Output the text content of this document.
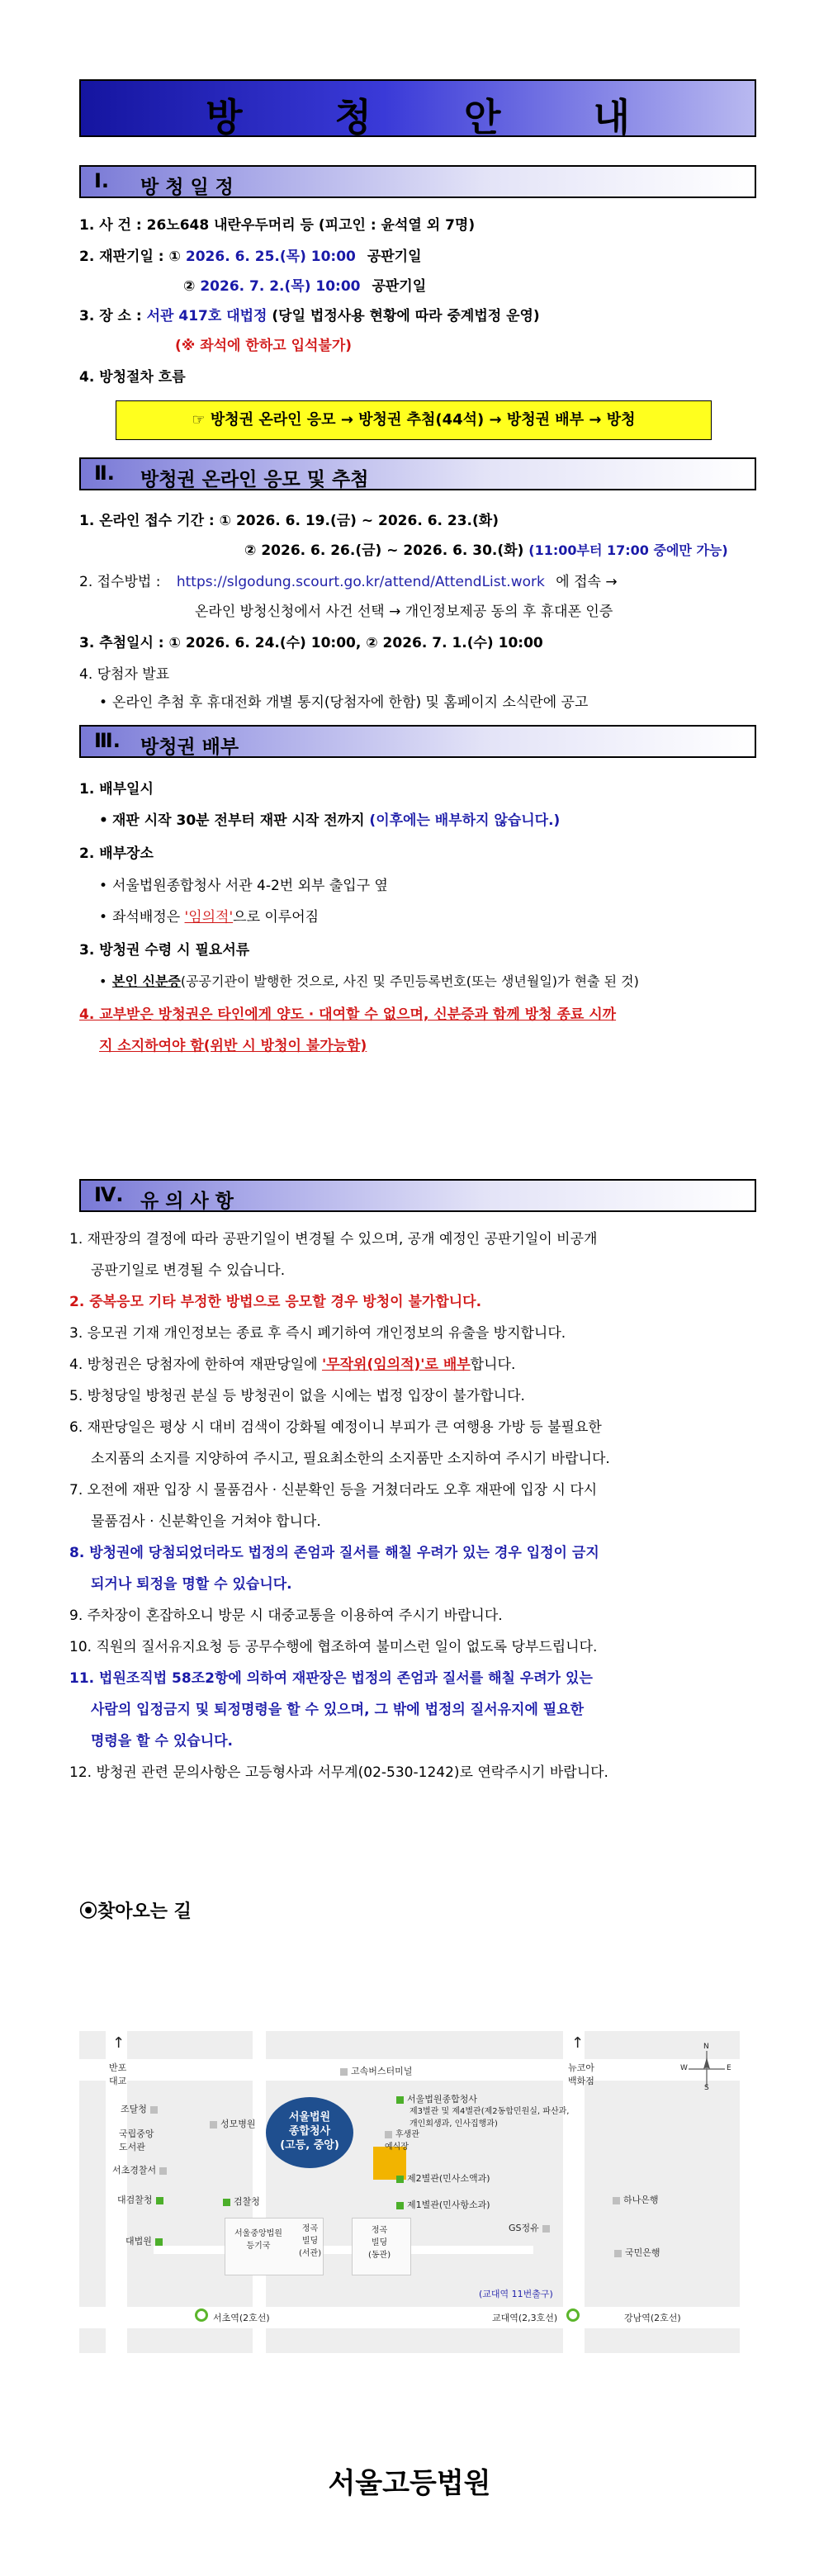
방 청 안 내
Ⅰ. 방 청 일 정
1. 사 건 : 26노648 내란우두머리 등 (피고인 : 윤석열 외 7명)
2. 재판기일 : ① 2026. 6. 25.(목) 10:00 공판기일
② 2026. 7. 2.(목) 10:00 공판기일
3. 장 소 : 서관 417호 대법정 (당일 법정사용 현황에 따라 중계법정 운영)
(※ 좌석에 한하고 입석불가)
4. 방청절차 흐름
☞ 방청권 온라인 응모 → 방청권 추첨(44석) → 방청권 배부 → 방청
Ⅱ. 방청권 온라인 응모 및 추첨
1. 온라인 접수 기간 : ① 2026. 6. 19.(금) ~ 2026. 6. 23.(화)
② 2026. 6. 26.(금) ~ 2026. 6. 30.(화) (11:00부터 17:00 중에만 가능)
2. 접수방법 : https://slgodung.scourt.go.kr/attend/AttendList.work 에 접속 →
온라인 방청신청에서 사건 선택 → 개인정보제공 동의 후 휴대폰 인증
3. 추첨일시 : ① 2026. 6. 24.(수) 10:00, ② 2026. 7. 1.(수) 10:00
4. 당첨자 발표
• 온라인 추첨 후 휴대전화 개별 통지(당첨자에 한함) 및 홈페이지 소식란에 공고
Ⅲ. 방청권 배부
1. 배부일시
• 재판 시작 30분 전부터 재판 시작 전까지 (이후에는 배부하지 않습니다.)
2. 배부장소
• 서울법원종합청사 서관 4-2번 외부 출입구 옆
• 좌석배정은 '임의적'으로 이루어짐
3. 방청권 수령 시 필요서류
• 본인 신분증(공공기관이 발행한 것으로, 사진 및 주민등록번호(또는 생년월일)가 현출 된 것)
4. 교부받은 방청권은 타인에게 양도 · 대여할 수 없으며, 신분증과 함께 방청 종료 시까
지 소지하여야 함(위반 시 방청이 불가능함)
Ⅳ. 유 의 사 항
1. 재판장의 결정에 따라 공판기일이 변경될 수 있으며, 공개 예정인 공판기일이 비공개
공판기일로 변경될 수 있습니다.
2. 중복응모 기타 부정한 방법으로 응모할 경우 방청이 불가합니다.
3. 응모권 기재 개인정보는 종료 후 즉시 폐기하여 개인정보의 유출을 방지합니다.
4. 방청권은 당첨자에 한하여 재판당일에 '무작위(임의적)'로 배부합니다.
5. 방청당일 방청권 분실 등 방청권이 없을 시에는 법정 입장이 불가합니다.
6. 재판당일은 평상 시 대비 검색이 강화될 예정이니 부피가 큰 여행용 가방 등 불필요한
소지품의 소지를 지양하여 주시고, 필요최소한의 소지품만 소지하여 주시기 바랍니다.
7. 오전에 재판 입장 시 물품검사 · 신분확인 등을 거쳤더라도 오후 재판에 입장 시 다시
물품검사 · 신분확인을 거쳐야 합니다.
8. 방청권에 당첨되었더라도 법정의 존엄과 질서를 해칠 우려가 있는 경우 입정이 금지
되거나 퇴정을 명할 수 있습니다.
9. 주차장이 혼잡하오니 방문 시 대중교통을 이용하여 주시기 바랍니다.
10. 직원의 질서유지요청 등 공무수행에 협조하여 불미스런 일이 없도록 당부드립니다.
11. 법원조직법 58조2항에 의하여 재판장은 법정의 존엄과 질서를 해칠 우려가 있는
사람의 입정금지 및 퇴정명령을 할 수 있으며, 그 밖에 법정의 질서유지에 필요한
명령을 할 수 있습니다.
12. 방청권 관련 문의사항은 고등형사과 서무계(02-530-1242)로 연락주시기 바랍니다.
⦿찾아오는 길
↑	↑
반포
대교
뉴코아
백화점
고속버스터미널
N
S
W	E
서울법원
종합청사
(고등, 중앙)
서울법원종합청사
제3별관 및 제4별관(제2동합민원실, 파산과,
개인회생과, 인사집행과)
후생관
예식장
제2별관(민사소액과)
제1별관(민사항소과)
성모병원
검찰청
조달청
국립중앙
도서관
서초경찰서
대검찰청
대법원
서울중앙법원
등기국
정곡
빌딩
(서관)
정곡
빌딩
(동관)
GS정유
하나은행
국민은행
(교대역 11번출구)
서초역(2호선)	교대역(2,3호선)	강남역(2호선)
서울고등법원
